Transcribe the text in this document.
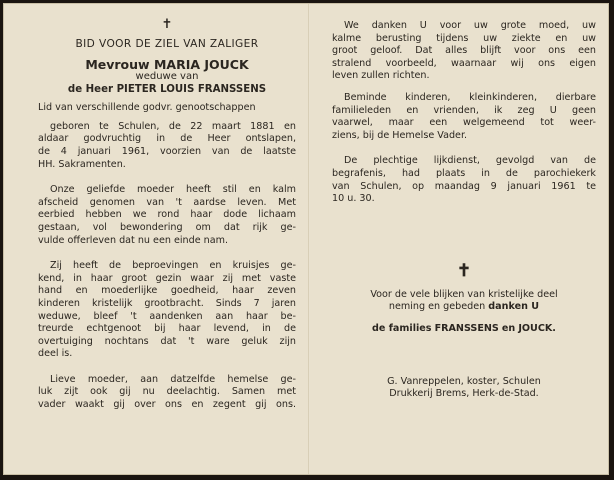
✝
BID VOOR DE ZIEL VAN ZALIGER
Mevrouw MARIA JOUCK
weduwe van
de Heer PIETER LOUIS FRANSSENS
Lid van verschillende godvr. genootschappen
geboren te Schulen, de 22 maart 1881 en
aldaar godvruchtig in de Heer ontslapen,
de 4 januari 1961, voorzien van de laatste
HH. Sakramenten.
Onze geliefde moeder heeft stil en kalm
afscheid genomen van 't aardse leven. Met
eerbied hebben we rond haar dode lichaam
gestaan, vol bewondering om dat rijk ge-
vulde offerleven dat nu een einde nam.
Zij heeft de beproevingen en kruisjes ge-
kend, in haar groot gezin waar zij met vaste
hand en moederlijke goedheid, haar zeven
kinderen kristelijk grootbracht. Sinds 7 jaren
weduwe, bleef 't aandenken aan haar be-
treurde echtgenoot bij haar levend, in de
overtuiging nochtans dat 't ware geluk zijn
deel is.
Lieve moeder, aan datzelfde hemelse ge-
luk zijt ook gij nu deelachtig. Samen met
vader waakt gij over ons en zegent gij ons.
We danken U voor uw grote moed, uw
kalme berusting tijdens uw ziekte en uw
groot geloof. Dat alles blijft voor ons een
stralend voorbeeld, waarnaar wij ons eigen
leven zullen richten.
Beminde kinderen, kleinkinderen, dierbare
familieleden en vrienden, ik zeg U geen
vaarwel, maar een welgemeend tot weer-
ziens, bij de Hemelse Vader.
De plechtige lijkdienst, gevolgd van de
begrafenis, had plaats in de parochiekerk
van Schulen, op maandag 9 januari 1961 te
10 u. 30.
✝
Voor de vele blijken van kristelijke deel
neming en gebeden danken U
de families FRANSSENS en JOUCK.
G. Vanreppelen, koster, Schulen
Drukkerij Brems, Herk-de-Stad.
